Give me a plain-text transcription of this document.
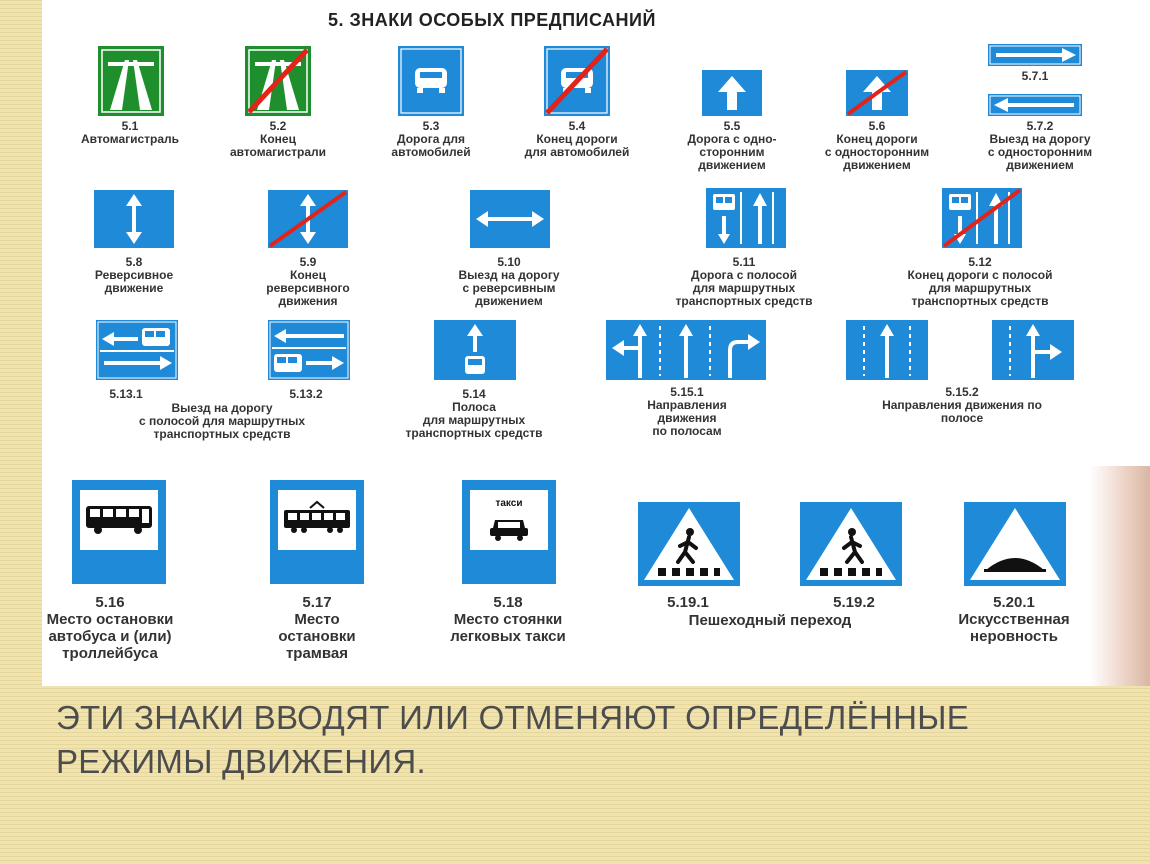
5. ЗНАКИ ОСОБЫХ ПРЕДПИСАНИЙ
такси
5.1
Автомагистраль
5.2
Конец
автомагистрали
5.3
Дорога для
автомобилей
5.4
Конец дороги
для автомобилей
5.5
Дорога с одно-
сторонним
движением
5.6
Конец дороги
с односторонним
движением
5.7.1
5.7.2
Выезд на дорогу
с односторонним
движением
5.8
Реверсивное
движение
5.9
Конец
реверсивного
движения
5.10
Выезд на дорогу
с реверсивным
движением
5.11
Дорога с полосой
для маршрутных
транспортных средств
5.12
Конец дороги с полосой
для маршрутных
транспортных средств
5.13.1	5.13.2
Выезд на дорогу
с полосой для маршрутных
транспортных средств
5.14
Полоса
для маршрутных
транспортных средств
5.15.1
Направления
движения
по полосам
5.15.2
Направления движения по полосе
5.16
Место остановки
автобуса и (или)
троллейбуса
5.17
Место
остановки
трамвая
5.18
Место стоянки
легковых такси
5.19.1	5.19.2
Пешеходный переход
5.20.1
Искусственная
неровность
ЭТИ ЗНАКИ ВВОДЯТ ИЛИ ОТМЕНЯЮТ ОПРЕДЕЛЁННЫЕ
РЕЖИМЫ ДВИЖЕНИЯ.
